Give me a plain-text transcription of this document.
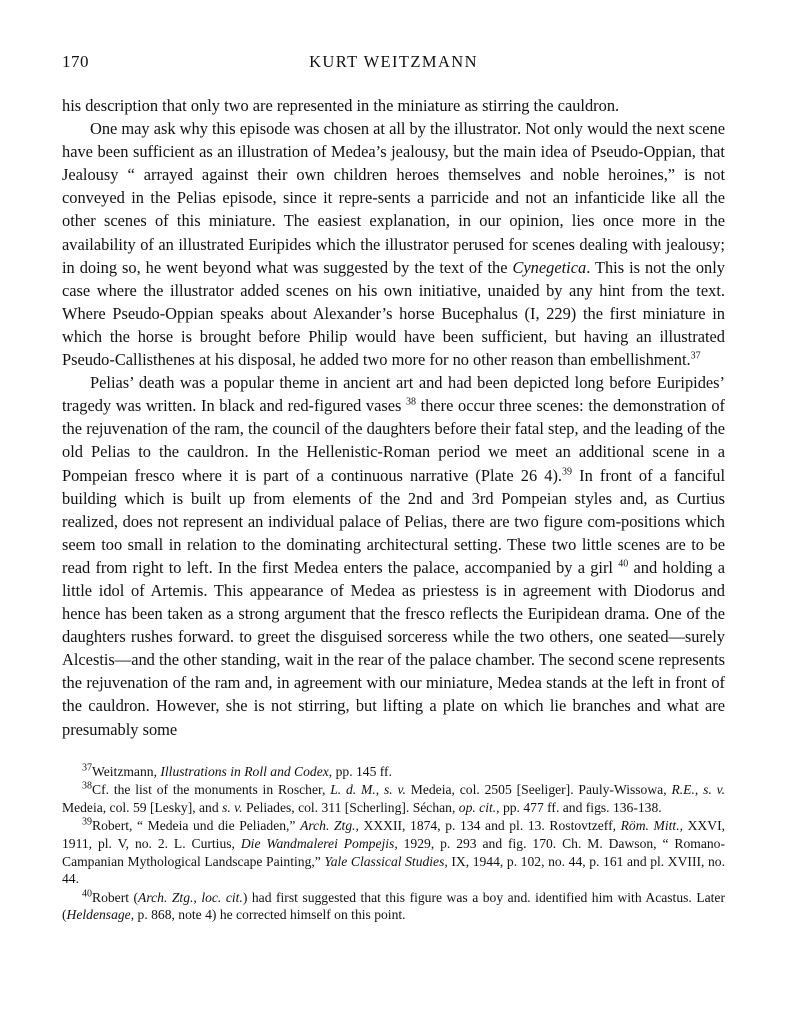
170	KURT WEITZMANN

his description that only two are represented in the miniature as stirring the cauldron.

One may ask why this episode was chosen at all by the illustrator. Not only would the next scene have been sufficient as an illustration of Medea’s jealousy, but the main idea of Pseudo-Oppian, that Jealousy “ arrayed against their own children heroes themselves and noble heroines,” is not conveyed in the Pelias episode, since it repre-sents a parricide and not an infanticide like all the other scenes of this miniature. The easiest explanation, in our opinion, lies once more in the availability of an illustrated Euripides which the illustrator perused for scenes dealing with jealousy; in doing so, he went beyond what was suggested by the text of the Cynegetica. This is not the only case where the illustrator added scenes on his own initiative, unaided by any hint from the text. Where Pseudo-Oppian speaks about Alexander’s horse Bucephalus (I, 229) the first miniature in which the horse is brought before Philip would have been sufficient, but having an illustrated Pseudo-Callisthenes at his disposal, he added two more for no other reason than embellishment.$^{37}$

Pelias’ death was a popular theme in ancient art and had been depicted long before Euripides’ tragedy was written. In black and red-figured vases $^{38}$ there occur three scenes: the demonstration of the rejuvenation of the ram, the council of the daughters before their fatal step, and the leading of the old Pelias to the cauldron. In the Hellenistic-Roman period we meet an additional scene in a Pompeian fresco where it is part of a continuous narrative (Plate 26 4).$^{39}$ In front of a fanciful building which is built up from elements of the 2nd and 3rd Pompeian styles and, as Curtius realized, does not represent an individual palace of Pelias, there are two figure com-positions which seem too small in relation to the dominating architectural setting. These two little scenes are to be read from right to left. In the first Medea enters the palace, accompanied by a girl $^{40}$ and holding a little idol of Artemis. This appearance of Medea as priestess is in agreement with Diodorus and hence has been taken as a strong argument that the fresco reflects the Euripidean drama. One of the daughters rushes forward. to greet the disguised sorceress while the two others, one seated—surely Alcestis—and the other standing, wait in the rear of the palace chamber. The second scene represents the rejuvenation of the ram and, in agreement with our miniature, Medea stands at the left in front of the cauldron. However, she is not stirring, but lifting a plate on which lie branches and what are presumably some

$^{37}$Weitzmann, Illustrations in Roll and Codex, pp. 145 ff.

$^{38}$Cf. the list of the monuments in Roscher, L. d. M., s. v. Medeia, col. 2505 [Seeliger]. Pauly-Wissowa, R.E., s. v. Medeia, col. 59 [Lesky], and s. v. Peliades, col. 311 [Scherling]. Séchan, op. cit., pp. 477 ff. and figs. 136-138.

$^{39}$Robert, “ Medeia und die Peliaden,” Arch. Ztg., XXXII, 1874, p. 134 and pl. 13. Rostovtzeff, Röm. Mitt., XXVI, 1911, pl. V, no. 2. L. Curtius, Die Wandmalerei Pompejis, 1929, p. 293 and fig. 170. Ch. M. Dawson, “ Romano-Campanian Mythological Landscape Painting,” Yale Classical Studies, IX, 1944, p. 102, no. 44, p. 161 and pl. XVIII, no. 44.

$^{40}$Robert (Arch. Ztg., loc. cit.) had first suggested that this figure was a boy and. identified him with Acastus. Later (Heldensage, p. 868, note 4) he corrected himself on this point.
